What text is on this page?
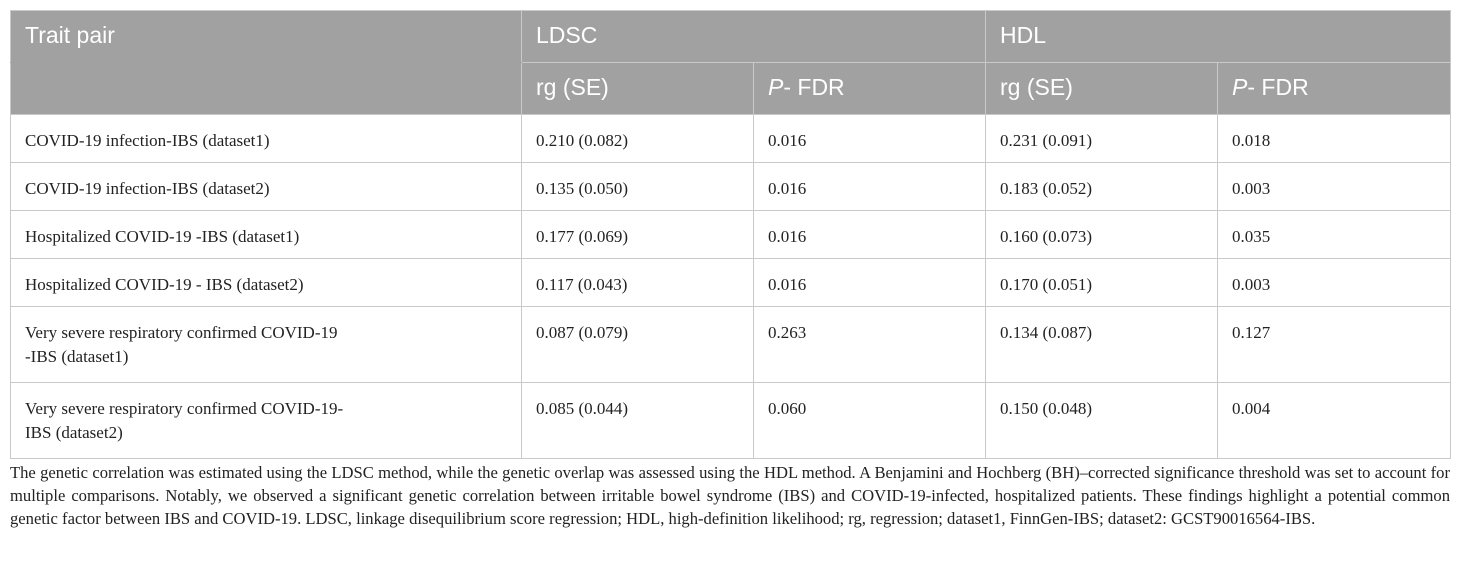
Trait pair	LDSC		HDL	
	rg (SE)	P- FDR	rg (SE)	P- FDR
COVID-19 infection-IBS (dataset1)	0.210 (0.082)	0.016	0.231 (0.091)	0.018
COVID-19 infection-IBS (dataset2)	0.135 (0.050)	0.016	0.183 (0.052)	0.003
Hospitalized COVID-19 -IBS (dataset1)	0.177 (0.069)	0.016	0.160 (0.073)	0.035
Hospitalized COVID-19 - IBS (dataset2)	0.117 (0.043)	0.016	0.170 (0.051)	0.003
Very severe respiratory confirmed COVID-19
-IBS (dataset1)	0.087 (0.079)	0.263	0.134 (0.087)	0.127
Very severe respiratory confirmed COVID-19-
IBS (dataset2)	0.085 (0.044)	0.060	0.150 (0.048)	0.004
The genetic correlation was estimated using the LDSC method, while the genetic overlap was assessed using the HDL method. A Benjamini and Hochberg (BH)–corrected significance threshold was set to account for multiple comparisons. Notably, we observed a significant genetic correlation between irritable bowel syndrome (IBS) and COVID-19-infected, hospitalized patients. These findings highlight a potential common genetic factor between IBS and COVID-19. LDSC, linkage disequilibrium score regression; HDL, high-definition likelihood; rg, regression; dataset1, FinnGen-IBS; dataset2: GCST90016564-IBS.
